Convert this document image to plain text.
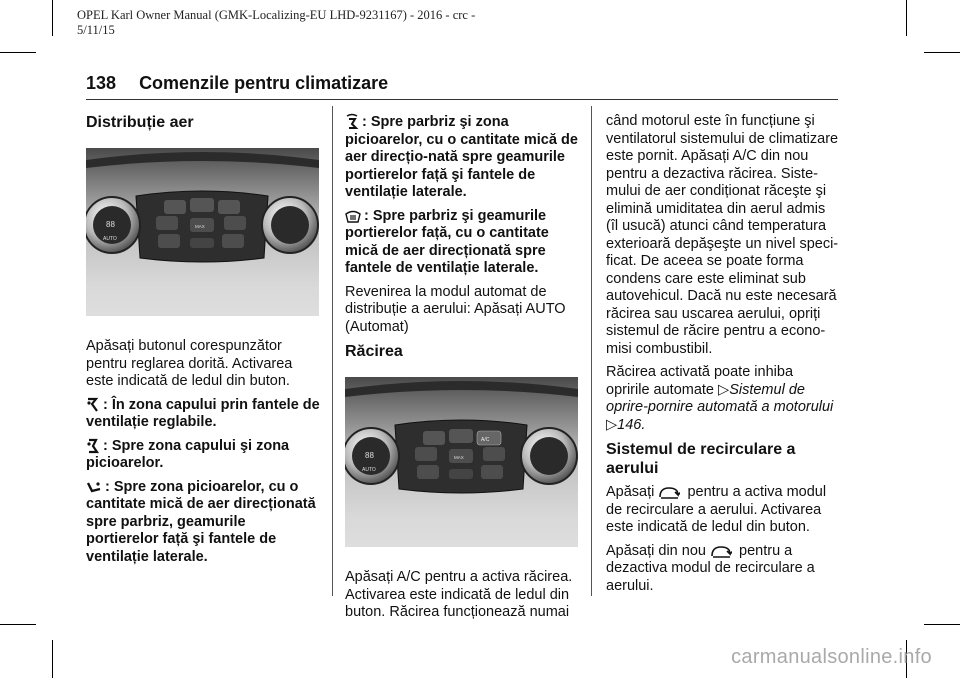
OPEL Karl Owner Manual (GMK-Localizing-EU LHD-9231167) - 2016 - crc -
5/11/15
138 Comenzile pentru climatizare
Distribuție aer
88
AUTO
MAX

Apăsați butonul corespunzător pentru reglarea dorită. Activarea este indicată de ledul din buton.

: În zona capului prin fantele de ventilație reglabile.

: Spre zona capului şi zona picioarelor.

: Spre zona picioarelor, cu o cantitate mică de aer direcționată spre parbriz, geamurile portierelor față şi fantele de ventilație laterale.

: Spre parbriz şi zona picioarelor, cu o cantitate mică de aer direcțio-nată spre geamurile portierelor față şi fantele de ventilație laterale.

: Spre parbriz şi geamurile portierelor față, cu o cantitate mică de aer direcționată spre fantele de ventilație laterale.

Revenirea la modul automat de distribuție a aerului: Apăsați AUTO (Automat)

Răcirea
88
AUTO
A/C
MAX

Apăsați A/C pentru a activa răcirea. Activarea este indicată de ledul din buton. Răcirea funcționează numai

când motorul este în funcțiune şi ventilatorul sistemului de climatizare este pornit. Apăsați A/C din nou pentru a dezactiva răcirea. Siste-mului de aer condiționat răceşte şi elimină umiditatea din aerul admis (îl usucă) atunci când temperatura exterioară depăşeşte un nivel speci-ficat. De aceea se poate forma condens care este eliminat sub autovehicul. Dacă nu este necesară răcirea sau uscarea aerului, opriți sistemul de răcire pentru a econo-misi combustibil.

Răcirea activată poate inhiba opririle automate ▷Sistemul de oprire-pornire automată a motorului ▷146.

Sistemul de recirculare a aerului

Apăsați pentru a activa modul de recirculare a aerului. Activarea este indicată de ledul din buton.

Apăsați din nou pentru a dezactiva modul de recirculare a aerului.

carmanualsonline.info
